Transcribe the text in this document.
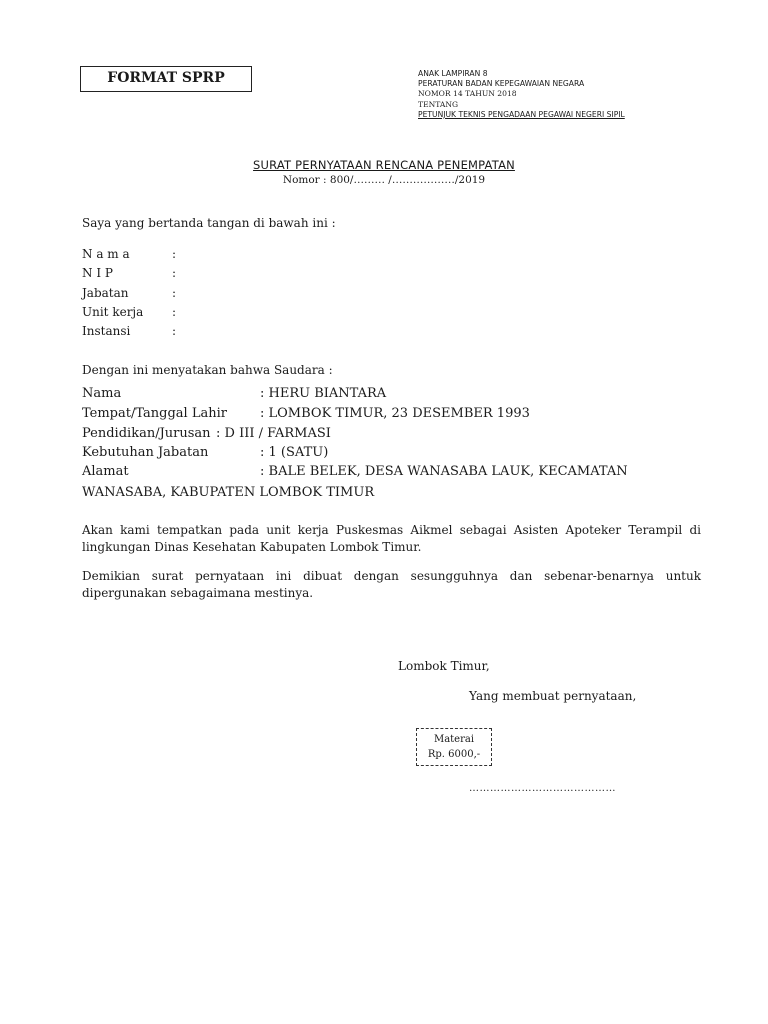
FORMAT SPRP	ANAK LAMPIRAN 8
PERATURAN BADAN KEPEGAWAIAN NEGARA
NOMOR 14 TAHUN 2018
TENTANG
PETUNJUK TEKNIS PENGADAAN PEGAWAI NEGERI SIPIL
SURAT PERNYATAAN RENCANA PENEMPATAN
Nomor : 800/……… /………………/2019
Saya yang bertanda tangan di bawah ini :
N a m a	:
N I P	:
Jabatan	:
Unit kerja :
Instansi	:
Dengan ini menyatakan bahwa Saudara :
Nama	: HERU BIANTARA
Tempat/Tanggal Lahir	: LOMBOK TIMUR, 23 DESEMBER 1993
Pendidikan/Jurusan : D III / FARMASI
Kebutuhan Jabatan	: 1 (SATU)
Alamat	: BALE BELEK, DESA WANASABA LAUK, KECAMATAN
WANASABA, KABUPATEN LOMBOK TIMUR
Akan kami tempatkan pada unit kerja Puskesmas Aikmel sebagai Asisten Apoteker Terampil di lingkungan Dinas Kesehatan Kabupaten Lombok Timur.
Demikian surat pernyataan ini dibuat dengan sesungguhnya dan sebenar-benarnya untuk dipergunakan sebagaimana mestinya.
Lombok Timur,
Yang membuat pernyataan,
Materai
Rp. 6000,-
……………………………………
